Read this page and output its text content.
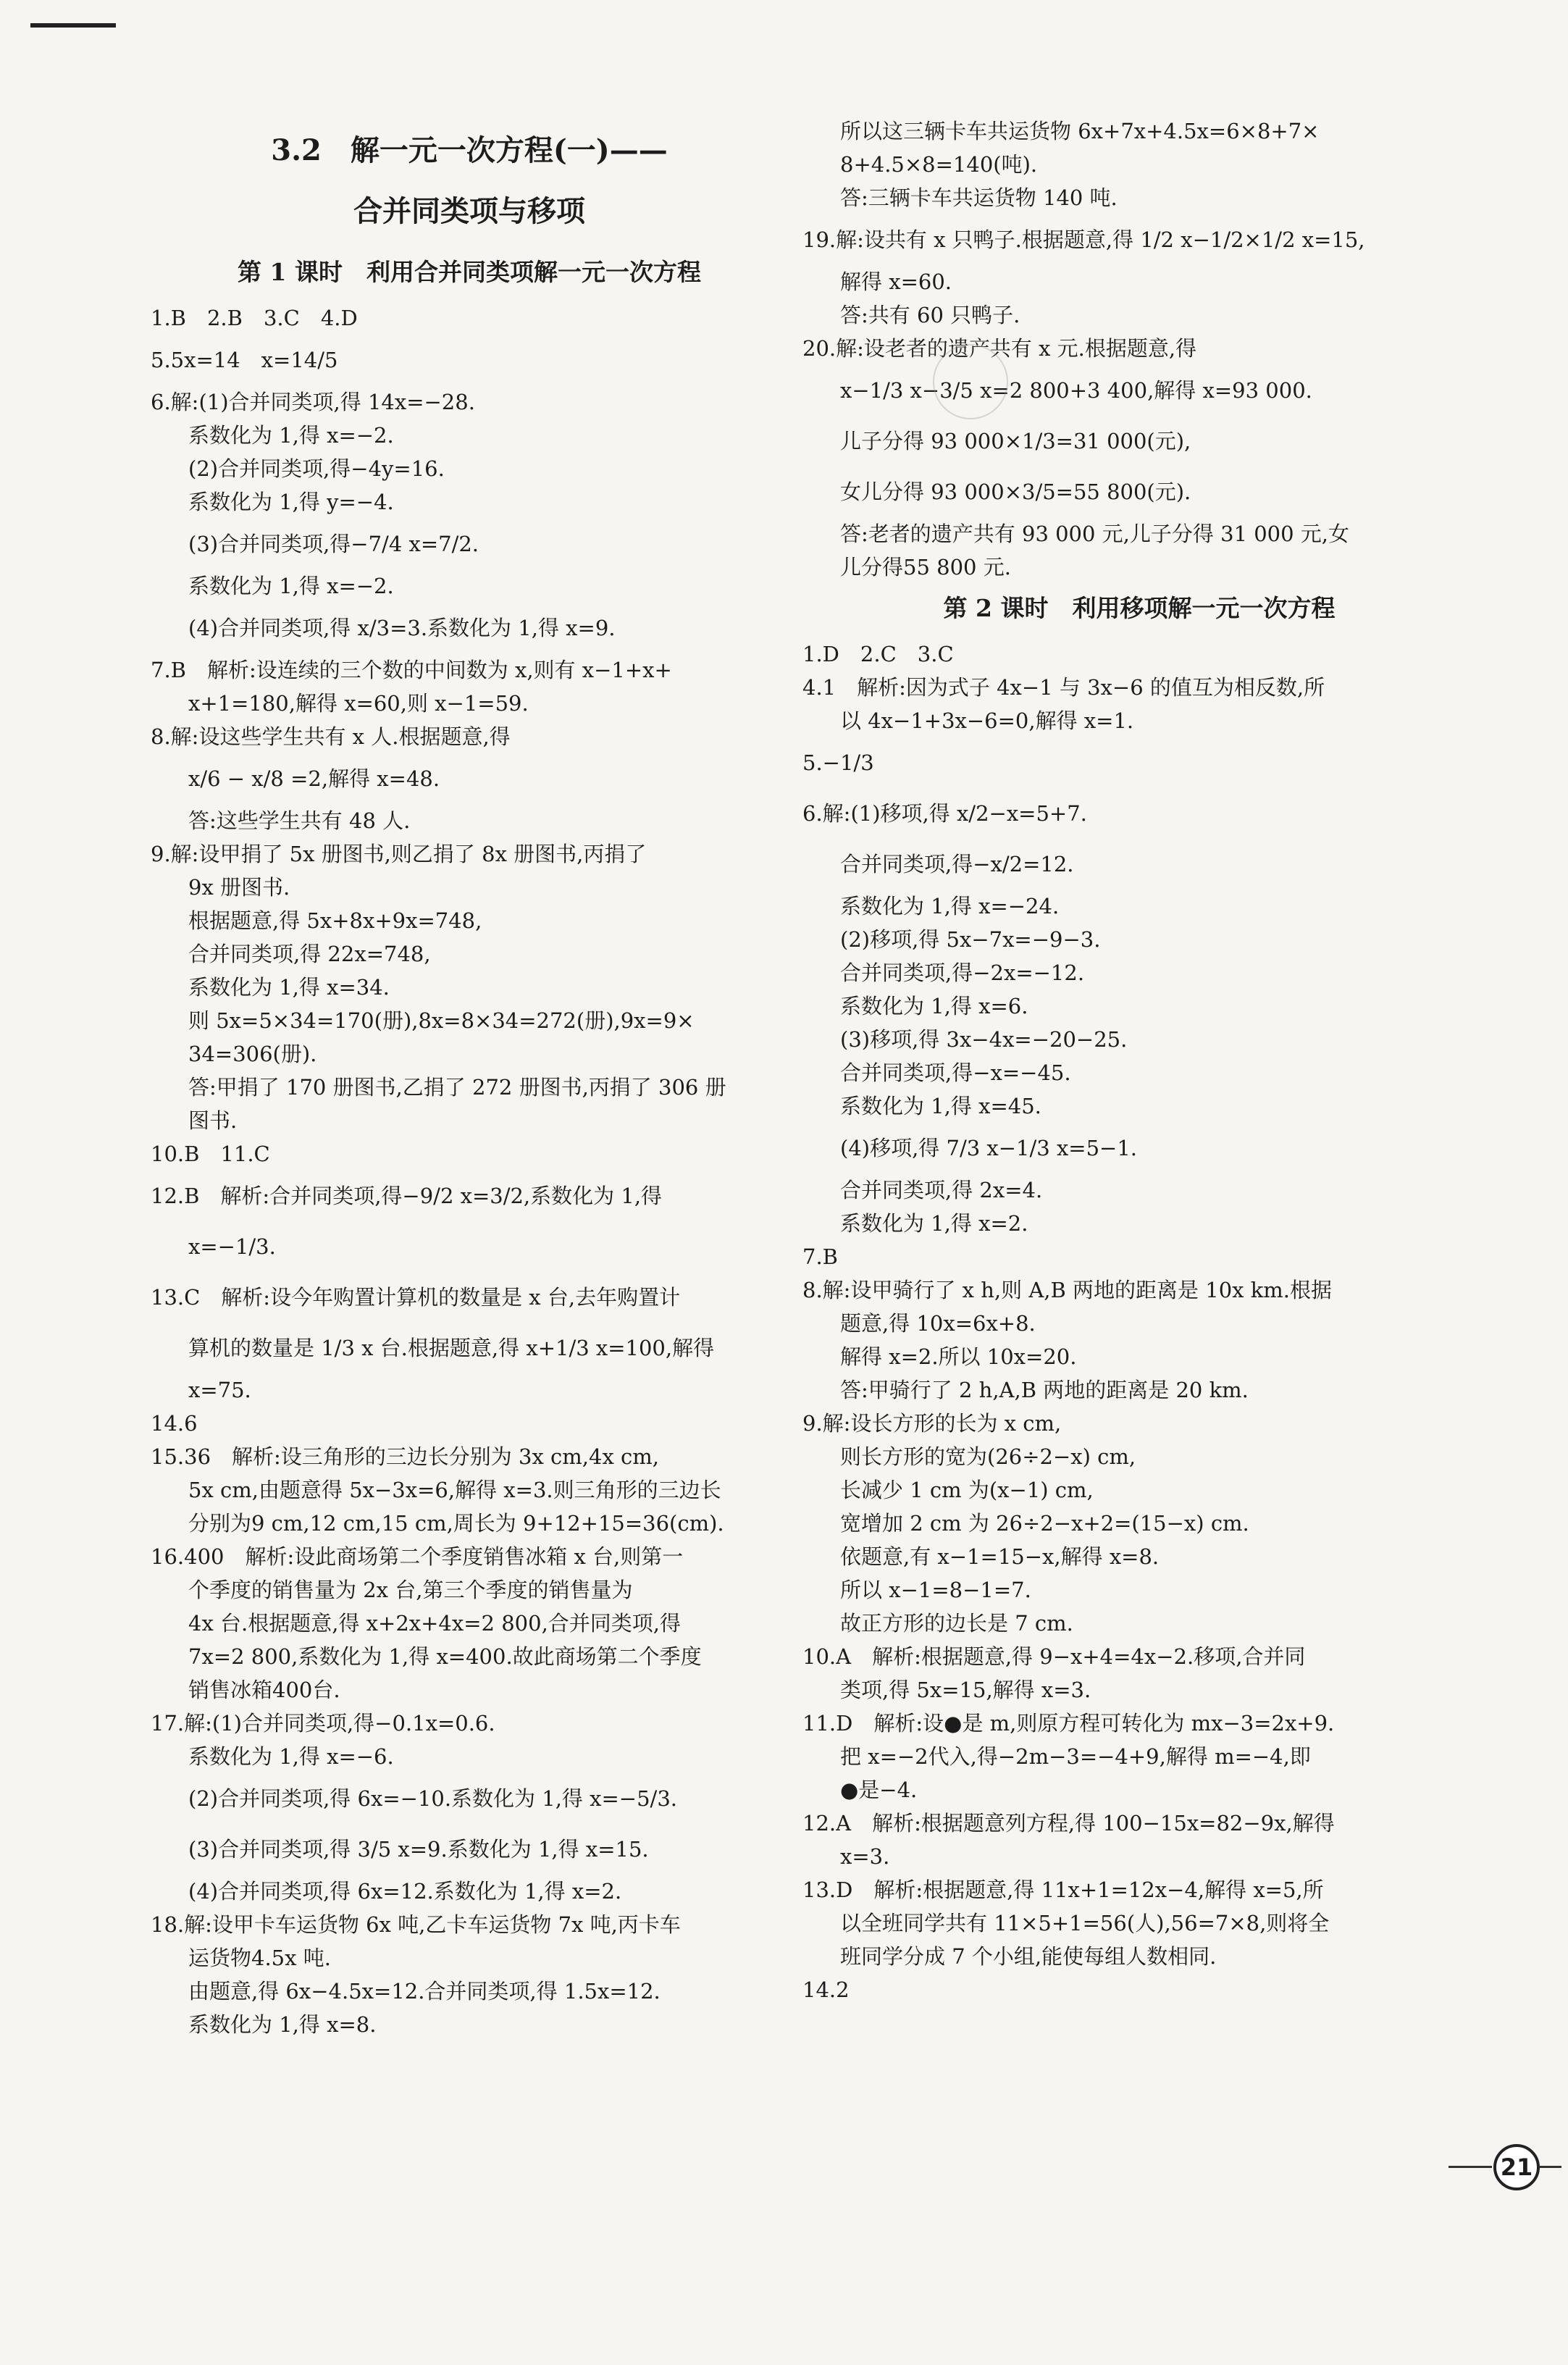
3.2　解一元一次方程(一)——
合并同类项与移项
第 1 课时　利用合并同类项解一元一次方程
1.B　2.B　3.C　4.D
5.5x=14　x=14/5
6.解:(1)合并同类项,得 14x=−28.
系数化为 1,得 x=−2.
(2)合并同类项,得−4y=16.
系数化为 1,得 y=−4.
(3)合并同类项,得−7/4 x=7/2.
系数化为 1,得 x=−2.
(4)合并同类项,得 x/3=3.系数化为 1,得 x=9.
7.B　解析:设连续的三个数的中间数为 x,则有 x−1+x+
x+1=180,解得 x=60,则 x−1=59.
8.解:设这些学生共有 x 人.根据题意,得
x/6 − x/8 =2,解得 x=48.
答:这些学生共有 48 人.
9.解:设甲捐了 5x 册图书,则乙捐了 8x 册图书,丙捐了
9x 册图书.
根据题意,得 5x+8x+9x=748,
合并同类项,得 22x=748,
系数化为 1,得 x=34.
则 5x=5×34=170(册),8x=8×34=272(册),9x=9×
34=306(册).
答:甲捐了 170 册图书,乙捐了 272 册图书,丙捐了 306 册
图书.
10.B　11.C
12.B　解析:合并同类项,得−9/2 x=3/2,系数化为 1,得
x=−1/3.
13.C　解析:设今年购置计算机的数量是 x 台,去年购置计
算机的数量是 1/3 x 台.根据题意,得 x+1/3 x=100,解得
x=75.
14.6
15.36　解析:设三角形的三边长分别为 3x cm,4x cm,
5x cm,由题意得 5x−3x=6,解得 x=3.则三角形的三边长
分别为9 cm,12 cm,15 cm,周长为 9+12+15=36(cm).
16.400　解析:设此商场第二个季度销售冰箱 x 台,则第一
个季度的销售量为 2x 台,第三个季度的销售量为
4x 台.根据题意,得 x+2x+4x=2 800,合并同类项,得
7x=2 800,系数化为 1,得 x=400.故此商场第二个季度
销售冰箱400台.
17.解:(1)合并同类项,得−0.1x=0.6.
系数化为 1,得 x=−6.
(2)合并同类项,得 6x=−10.系数化为 1,得 x=−5/3.
(3)合并同类项,得 3/5 x=9.系数化为 1,得 x=15.
(4)合并同类项,得 6x=12.系数化为 1,得 x=2.
18.解:设甲卡车运货物 6x 吨,乙卡车运货物 7x 吨,丙卡车
运货物4.5x 吨.
由题意,得 6x−4.5x=12.合并同类项,得 1.5x=12.
系数化为 1,得 x=8.
所以这三辆卡车共运货物 6x+7x+4.5x=6×8+7×
8+4.5×8=140(吨).
答:三辆卡车共运货物 140 吨.
19.解:设共有 x 只鸭子.根据题意,得 1/2 x−1/2×1/2 x=15,
解得 x=60.
答:共有 60 只鸭子.
20.解:设老者的遗产共有 x 元.根据题意,得
x−1/3 x−3/5 x=2 800+3 400,解得 x=93 000.
儿子分得 93 000×1/3=31 000(元),
女儿分得 93 000×3/5=55 800(元).
答:老者的遗产共有 93 000 元,儿子分得 31 000 元,女
儿分得55 800 元.
第 2 课时　利用移项解一元一次方程
1.D　2.C　3.C
4.1　解析:因为式子 4x−1 与 3x−6 的值互为相反数,所
以 4x−1+3x−6=0,解得 x=1.
5.−1/3
6.解:(1)移项,得 x/2−x=5+7.
合并同类项,得−x/2=12.
系数化为 1,得 x=−24.
(2)移项,得 5x−7x=−9−3.
合并同类项,得−2x=−12.
系数化为 1,得 x=6.
(3)移项,得 3x−4x=−20−25.
合并同类项,得−x=−45.
系数化为 1,得 x=45.
(4)移项,得 7/3 x−1/3 x=5−1.
合并同类项,得 2x=4.
系数化为 1,得 x=2.
7.B
8.解:设甲骑行了 x h,则 A,B 两地的距离是 10x km.根据
题意,得 10x=6x+8.
解得 x=2.所以 10x=20.
答:甲骑行了 2 h,A,B 两地的距离是 20 km.
9.解:设长方形的长为 x cm,
则长方形的宽为(26÷2−x) cm,
长减少 1 cm 为(x−1) cm,
宽增加 2 cm 为 26÷2−x+2=(15−x) cm.
依题意,有 x−1=15−x,解得 x=8.
所以 x−1=8−1=7.
故正方形的边长是 7 cm.
10.A　解析:根据题意,得 9−x+4=4x−2.移项,合并同
类项,得 5x=15,解得 x=3.
11.D　解析:设●是 m,则原方程可转化为 mx−3=2x+9.
把 x=−2代入,得−2m−3=−4+9,解得 m=−4,即
●是−4.
12.A　解析:根据题意列方程,得 100−15x=82−9x,解得
x=3.
13.D　解析:根据题意,得 11x+1=12x−4,解得 x=5,所
以全班同学共有 11×5+1=56(人),56=7×8,则将全
班同学分成 7 个小组,能使每组人数相同.
14.2
21
